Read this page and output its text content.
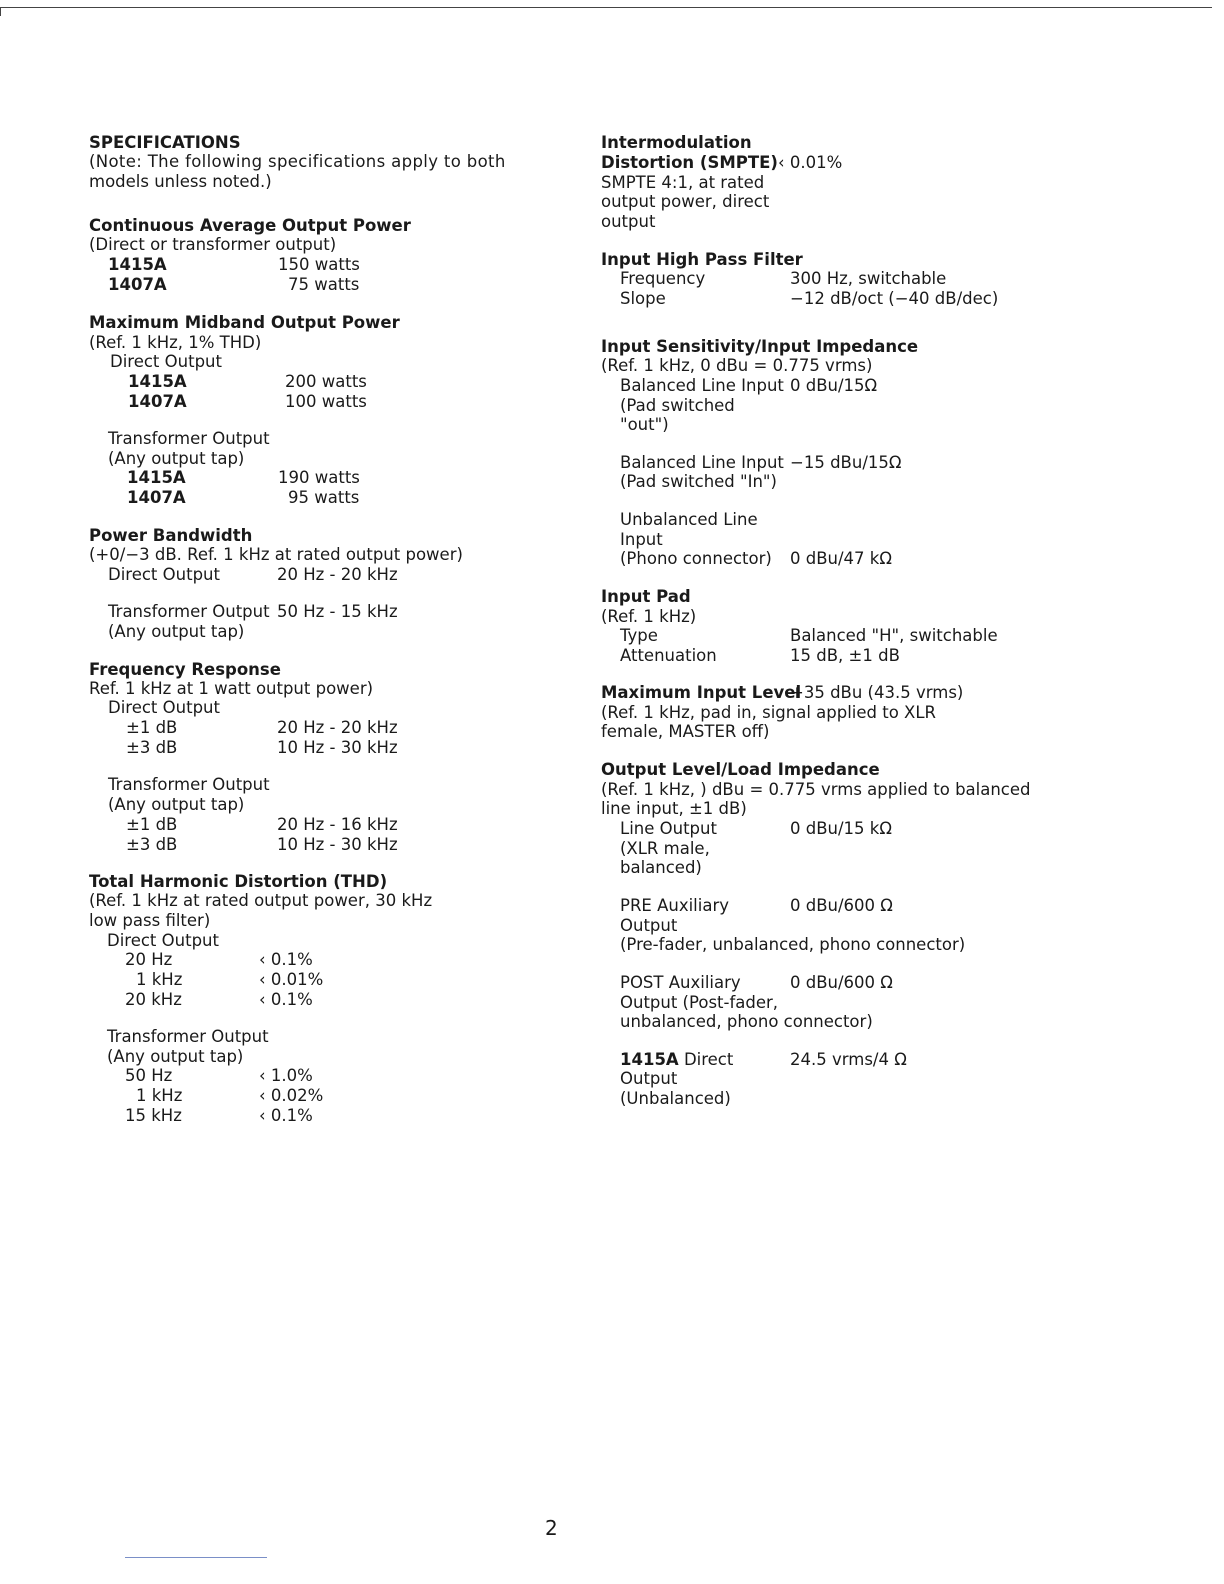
SPECIFICATIONS
(Note: The following specifications apply to both
models unless noted.)
Continuous Average Output Power
(Direct or transformer output)
1415A	150 watts
1407A	75 watts
Maximum Midband Output Power
(Ref. 1 kHz, 1% THD)
Direct Output
1415A	200 watts
1407A	100 watts
Transformer Output
(Any output tap)
1415A	190 watts
1407A	95 watts
Power Bandwidth
(+0/−3 dB. Ref. 1 kHz at rated output power)
Direct Output	20 Hz - 20 kHz
Transformer Output 50 Hz - 15 kHz
(Any output tap)
Frequency Response
Ref. 1 kHz at 1 watt output power)
Direct Output
±1 dB	20 Hz - 20 kHz
±3 dB	10 Hz - 30 kHz
Transformer Output
(Any output tap)
±1 dB	20 Hz - 16 kHz
±3 dB	10 Hz - 30 kHz
Total Harmonic Distortion (THD)
(Ref. 1 kHz at rated output power, 30 kHz
low pass filter)
Direct Output
20 Hz	‹ 0.1%
1 kHz	‹ 0.01%
20 kHz	‹ 0.1%
Transformer Output
(Any output tap)
50 Hz	‹ 1.0%
1 kHz	‹ 0.02%
15 kHz	‹ 0.1%
Intermodulation
Distortion (SMPTE) ‹ 0.01%
SMPTE 4:1, at rated
output power, direct
output
Input High Pass Filter
Frequency	300 Hz, switchable
Slope	−12 dB/oct (−40 dB/dec)
Input Sensitivity/Input Impedance
(Ref. 1 kHz, 0 dBu = 0.775 vrms)
Balanced Line Input 0 dBu/15Ω
(Pad switched
"out")
Balanced Line Input −15 dBu/15Ω
(Pad switched "In")
Unbalanced Line
Input
(Phono connector) 0 dBu/47 kΩ
Input Pad
(Ref. 1 kHz)
Type	Balanced "H", switchable
Attenuation	15 dB, ±1 dB
Maximum Input Level
+35 dBu (43.5 vrms)
(Ref. 1 kHz, pad in, signal applied to XLR
female, MASTER off)
Output Level/Load Impedance
(Ref. 1 kHz, ) dBu = 0.775 vrms applied to balanced
line input, ±1 dB)
Line Output	0 dBu/15 kΩ
(XLR male,
balanced)
PRE Auxiliary	0 dBu/600 Ω
Output
(Pre-fader, unbalanced, phono connector)
POST Auxiliary	0 dBu/600 Ω
Output (Post-fader,
unbalanced, phono connector)
1415A Direct	24.5 vrms/4 Ω
Output
(Unbalanced)
2
